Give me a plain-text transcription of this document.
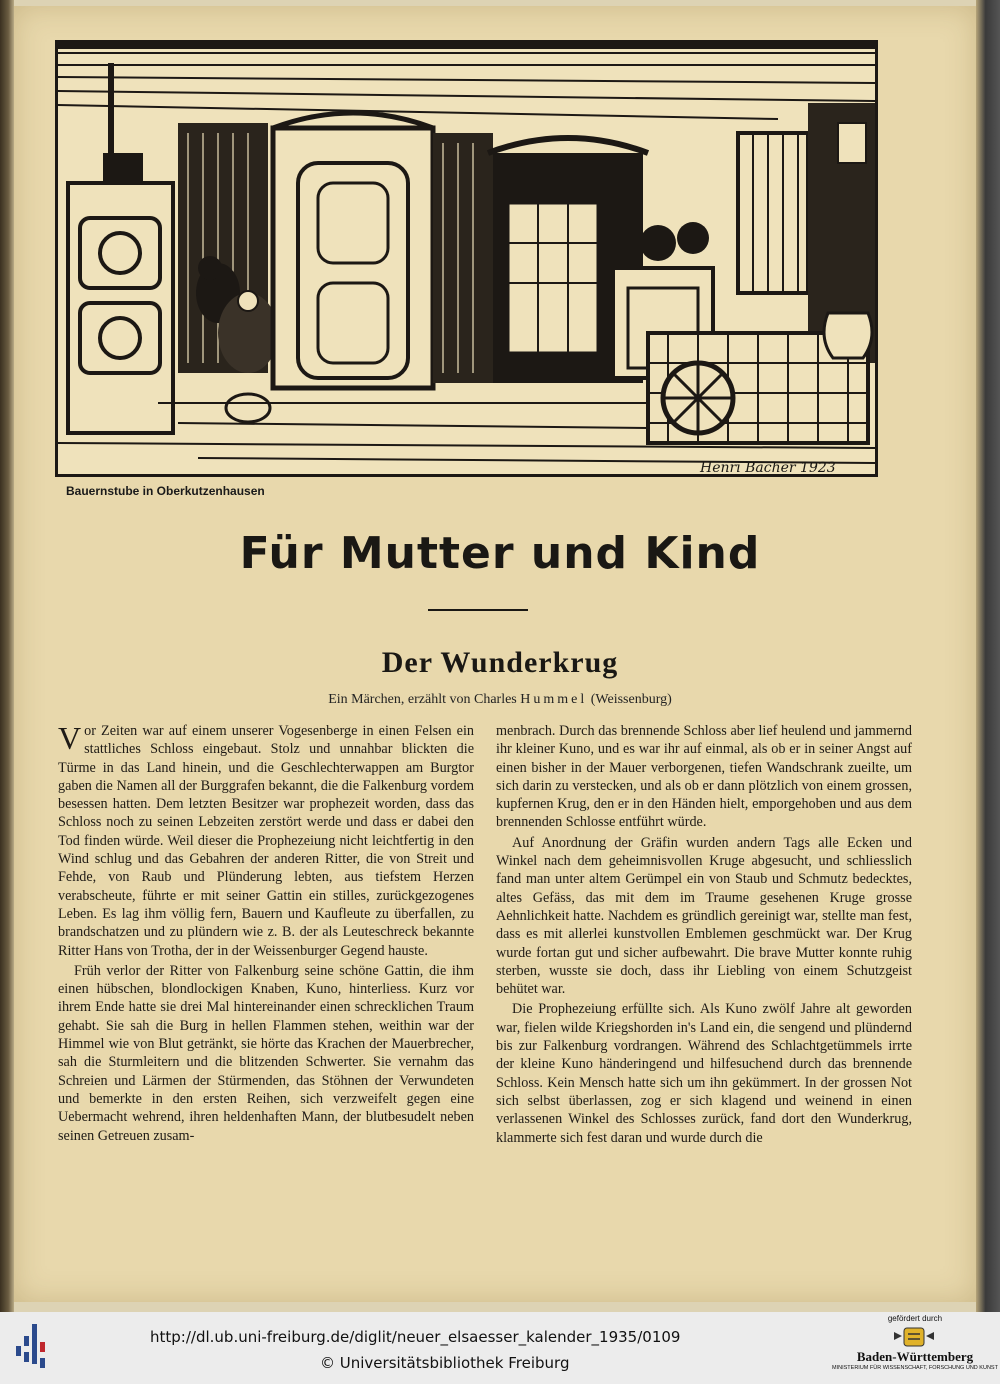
Henri Bacher 1923
Bauernstube in Oberkutzenhausen
Für Mutter und Kind
Der Wunderkrug
Ein Märchen, erzählt von Charles Hummel (Weissenburg)

Vor Zeiten war auf einem unserer Vogesenberge in einen Felsen ein stattliches Schloss eingebaut. Stolz und unnahbar blickten die Türme in das Land hinein, und die Geschlechterwappen am Burgtor gaben die Namen all der Burggrafen bekannt, die die Falkenburg vordem besessen hatten. Dem letzten Besitzer war prophezeit worden, dass das Schloss noch zu seinen Lebzeiten zerstört werde und dass er dabei den Tod finden würde. Weil dieser die Prophezeiung nicht leichtfertig in den Wind schlug und das Gebahren der anderen Ritter, die von Streit und Fehde, von Raub und Plünderung lebten, aus tiefstem Herzen verabscheute, führte er mit seiner Gattin ein stilles, zurückgezogenes Leben. Es lag ihm völlig fern, Bauern und Kaufleute zu überfallen, zu brandschatzen und zu plündern wie z. B. der als Leuteschreck bekannte Ritter Hans von Trotha, der in der Weissenburger Gegend hauste.

Früh verlor der Ritter von Falkenburg seine schöne Gattin, die ihm einen hübschen, blondlockigen Knaben, Kuno, hinterliess. Kurz vor ihrem Ende hatte sie drei Mal hintereinander einen schrecklichen Traum gehabt. Sie sah die Burg in hellen Flammen stehen, weithin war der Himmel wie von Blut getränkt, sie hörte das Krachen der Mauerbrecher, sah die Sturmleitern und die blitzenden Schwerter. Sie vernahm das Schreien und Lärmen der Stürmenden, das Stöhnen der Verwundeten und bemerkte in den ersten Reihen, sich verzweifelt gegen eine Uebermacht wehrend, ihren heldenhaften Mann, der blutbesudelt neben seinen Getreuen zusam-

menbrach. Durch das brennende Schloss aber lief heulend und jammernd ihr kleiner Kuno, und es war ihr auf einmal, als ob er in seiner Angst auf einen bisher in der Mauer verborgenen, tiefen Wandschrank zueilte, um sich darin zu verstecken, und als ob er dann plötzlich von einem grossen, kupfernen Krug, den er in den Händen hielt, emporgehoben und aus dem brennenden Schlosse entführt würde.

Auf Anordnung der Gräfin wurden andern Tags alle Ecken und Winkel nach dem geheimnisvollen Kruge abgesucht, und schliesslich fand man unter altem Gerümpel ein von Staub und Schmutz bedecktes, altes Gefäss, das mit dem im Traume gesehenen Kruge grosse Aehnlichkeit hatte. Nachdem es gründlich gereinigt war, stellte man fest, dass es mit allerlei kunstvollen Emblemen geschmückt war. Der Krug wurde fortan gut und sicher aufbewahrt. Die brave Mutter konnte ruhig sterben, wusste sie doch, dass ihr Liebling von einem Schutzgeist behütet war.

Die Prophezeiung erfüllte sich. Als Kuno zwölf Jahre alt geworden war, fielen wilde Kriegshorden in's Land ein, die sengend und plündernd bis zur Falkenburg vordrangen. Während des Schlachtgetümmels irrte der kleine Kuno händeringend und hilfesuchend durch das brennende Schloss. Kein Mensch hatte sich um ihn gekümmert. In der grossen Not sich selbst überlassen, zog er sich klagend und weinend in einen verlassenen Winkel des Schlosses zurück, fand dort den Wunderkrug, klammerte sich fest daran und wurde durch die

http://dl.ub.uni-freiburg.de/diglit/neuer_elsaesser_kalender_1935/0109
© Universitätsbibliothek Freiburg
gefördert durch
Baden-Württemberg
MINISTERIUM FÜR WISSENSCHAFT, FORSCHUNG UND KUNST
